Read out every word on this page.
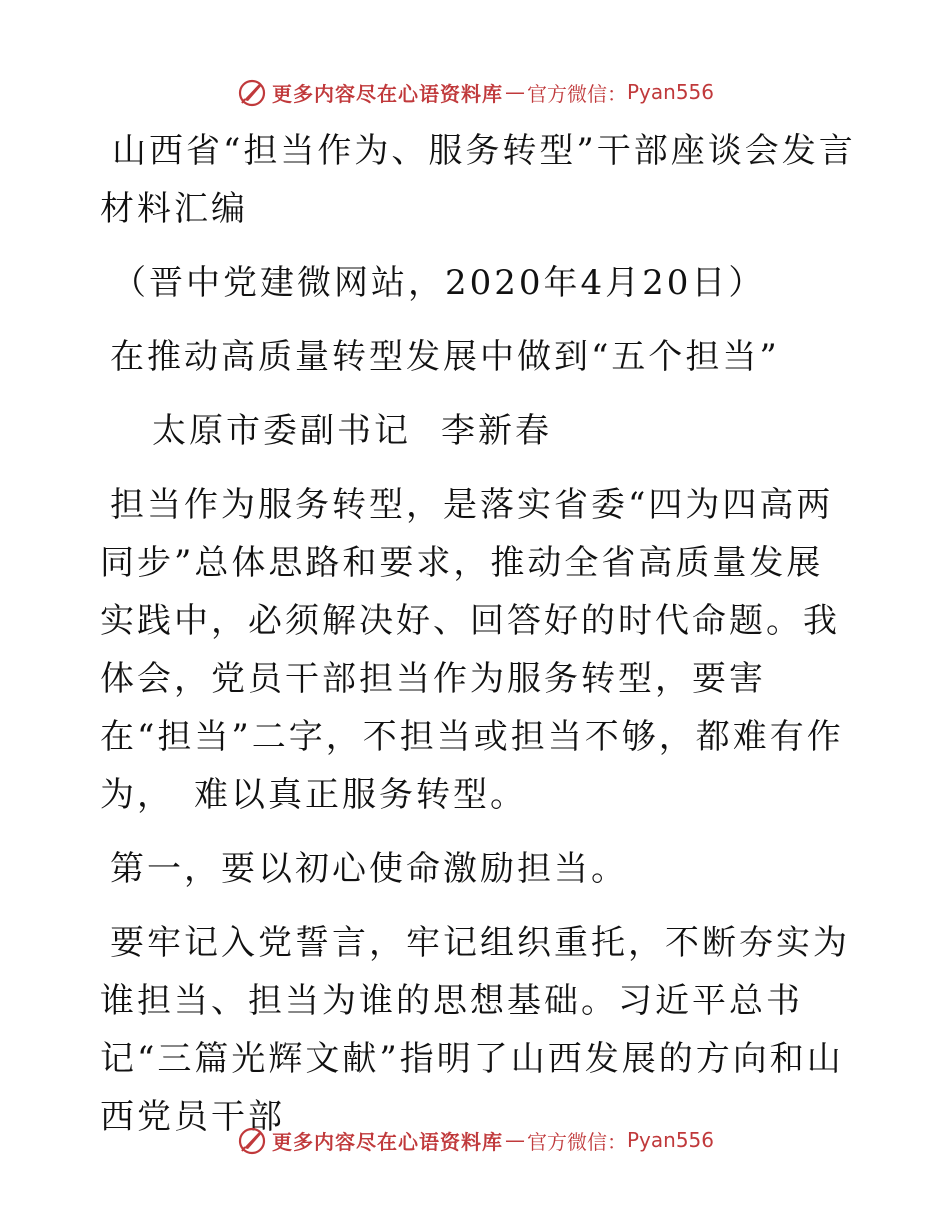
更多内容尽在心语资料库 — 官方微信： Pyan556

山西省“担当作为、服务转型”干部座谈会发言材料汇编

（晋中党建微网站，2020年4月20日）

在推动高质量转型发展中做到“五个担当”

太原市委副书记 李新春

担当作为服务转型，是落实省委“四为四高两同步”总体思路和要求，推动全省高质量发展实践中，必须解决好、回答好的时代命题。我体会，党员干部担当作为服务转型，要害在“担当”二字，不担当或担当不够，都难有作为，　难以真正服务转型。

第一，要以初心使命激励担当。

要牢记入党誓言，牢记组织重托，不断夯实为谁担当、担当为谁的思想基础。习近平总书记“三篇光辉文献”指明了山西发展的方向和山西党员干部

更多内容尽在心语资料库 — 官方微信： Pyan556
